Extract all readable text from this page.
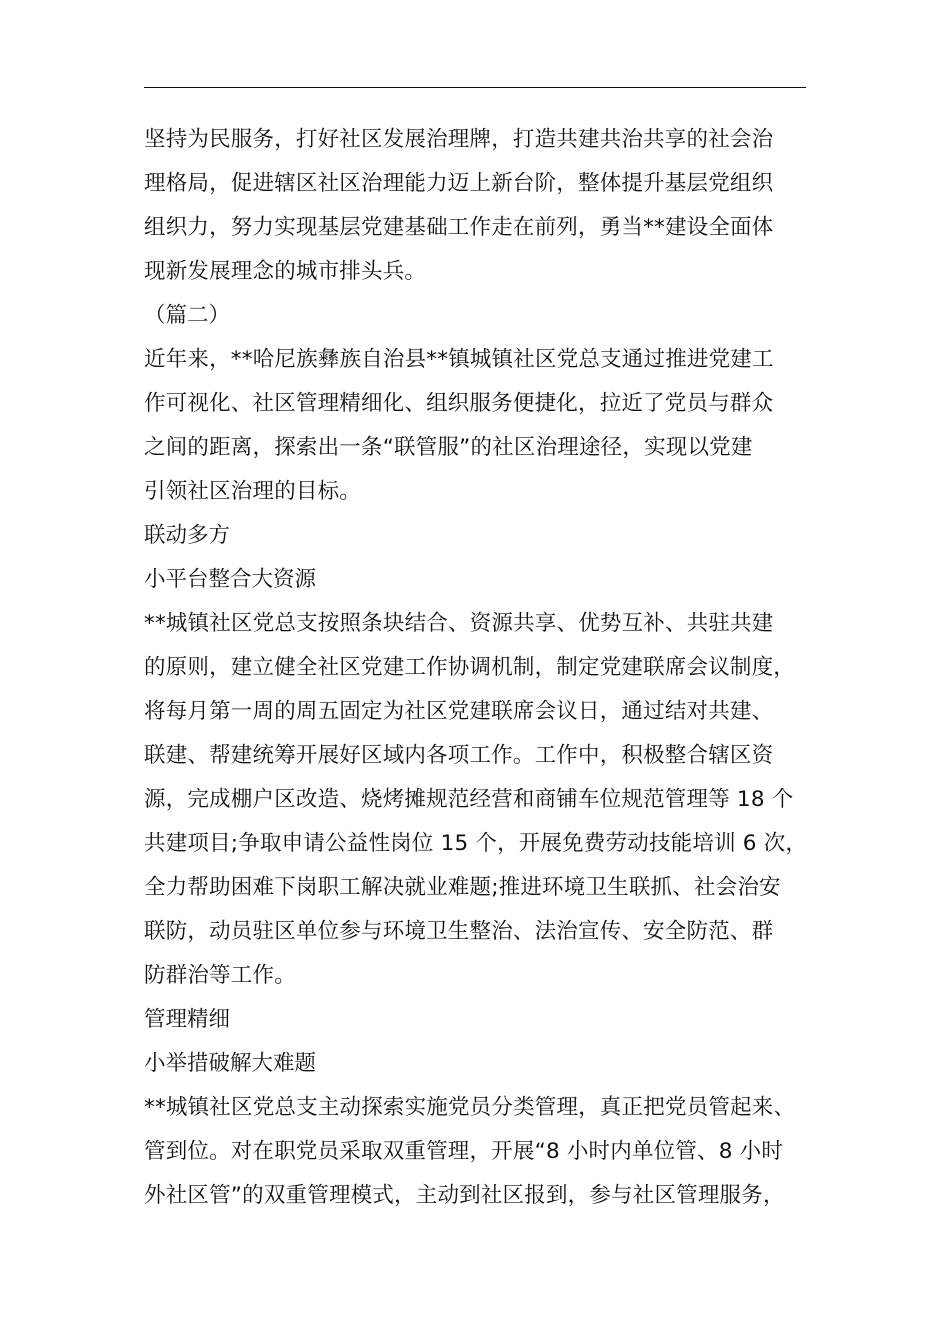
坚持为民服务，打好社区发展治理牌，打造共建共治共享的社会治
理格局，促进辖区社区治理能力迈上新台阶，整体提升基层党组织
组织力，努力实现基层党建基础工作走在前列，勇当**建设全面体
现新发展理念的城市排头兵。

（篇二）

近年来，**哈尼族彝族自治县**镇城镇社区党总支通过推进党建工
作可视化、社区管理精细化、组织服务便捷化，拉近了党员与群众
之间的距离，探索出一条“联管服”的社区治理途径，实现以党建
引领社区治理的目标。

联动多方

小平台整合大资源

**城镇社区党总支按照条块结合、资源共享、优势互补、共驻共建
的原则，建立健全社区党建工作协调机制，制定党建联席会议制度，
将每月第一周的周五固定为社区党建联席会议日，通过结对共建、
联建、帮建统筹开展好区域内各项工作。工作中，积极整合辖区资
源，完成棚户区改造、烧烤摊规范经营和商铺车位规范管理等 18 个
共建项目;争取申请公益性岗位 15 个，开展免费劳动技能培训 6 次，
全力帮助困难下岗职工解决就业难题;推进环境卫生联抓、社会治安
联防，动员驻区单位参与环境卫生整治、法治宣传、安全防范、群
防群治等工作。

管理精细

小举措破解大难题

**城镇社区党总支主动探索实施党员分类管理，真正把党员管起来、
管到位。对在职党员采取双重管理，开展“8 小时内单位管、8 小时
外社区管”的双重管理模式，主动到社区报到，参与社区管理服务，
